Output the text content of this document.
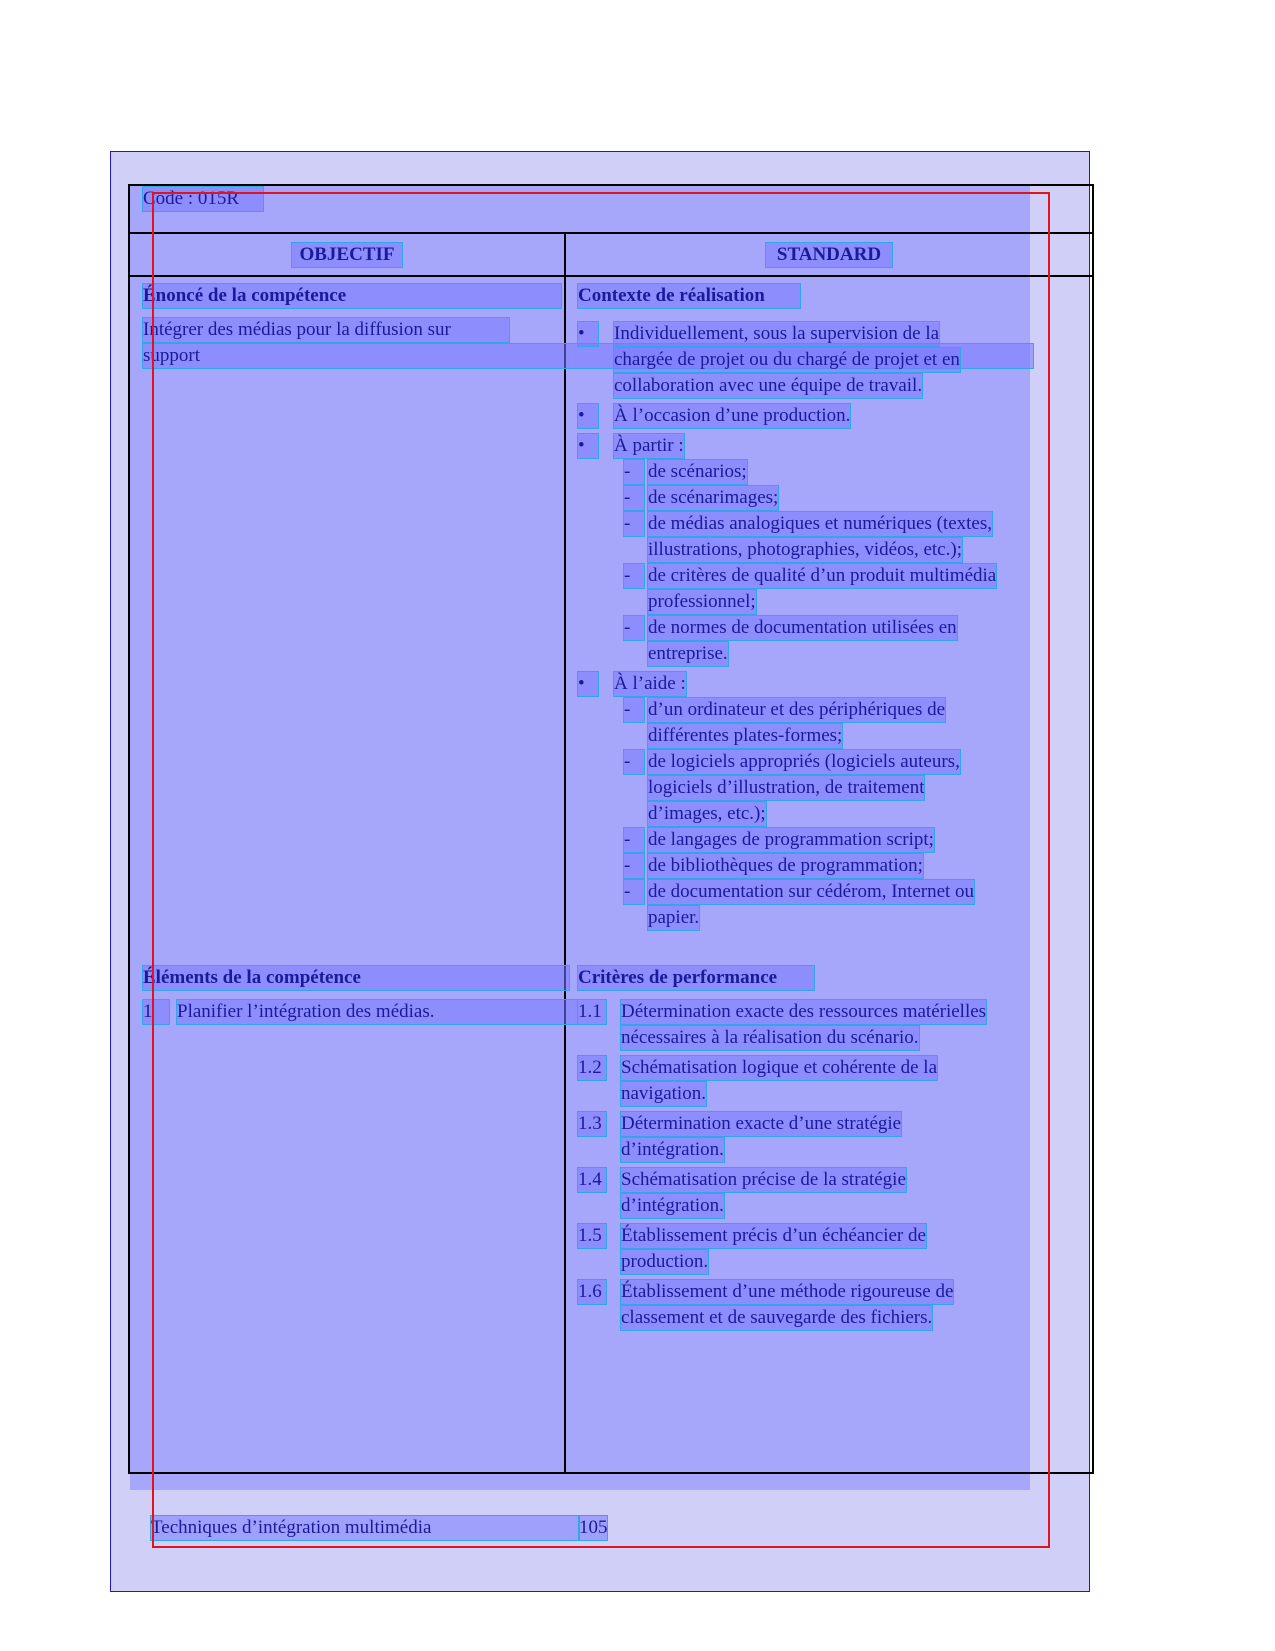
Code : 015R
OBJECTIF	STANDARD
Énoncé de la compétence
Intégrer des médias pour la diffusion sur
support
Contexte de réalisation
•	Individuellement, sous la supervision de la
chargée de projet ou du chargé de projet et en
collaboration avec une équipe de travail.
•	À l’occasion d’une production.
•	À partir :
- de scénarios;
- de scénarimages;
- de médias analogiques et numériques (textes,
illustrations, photographies, vidéos, etc.);
- de critères de qualité d’un produit multimédia
professionnel;
- de normes de documentation utilisées en
entreprise.
•	À l’aide :
- d’un ordinateur et des périphériques de
différentes plates-formes;
- de logiciels appropriés (logiciels auteurs,
logiciels d’illustration, de traitement
d’images, etc.);
- de langages de programmation script;
- de bibliothèques de programmation;
- de documentation sur cédérom, Internet ou
papier.
Éléments de la compétence
1	Planifier l’intégration des médias.
Critères de performance
1.1 Détermination exacte des ressources matérielles
nécessaires à la réalisation du scénario.
1.2 Schématisation logique et cohérente de la
navigation.
1.3 Détermination exacte d’une stratégie
d’intégration.
1.4 Schématisation précise de la stratégie
d’intégration.
1.5 Établissement précis d’un échéancier de
production.
1.6 Établissement d’une méthode rigoureuse de
classement et de sauvegarde des fichiers.
Techniques d’intégration multimédia	105
